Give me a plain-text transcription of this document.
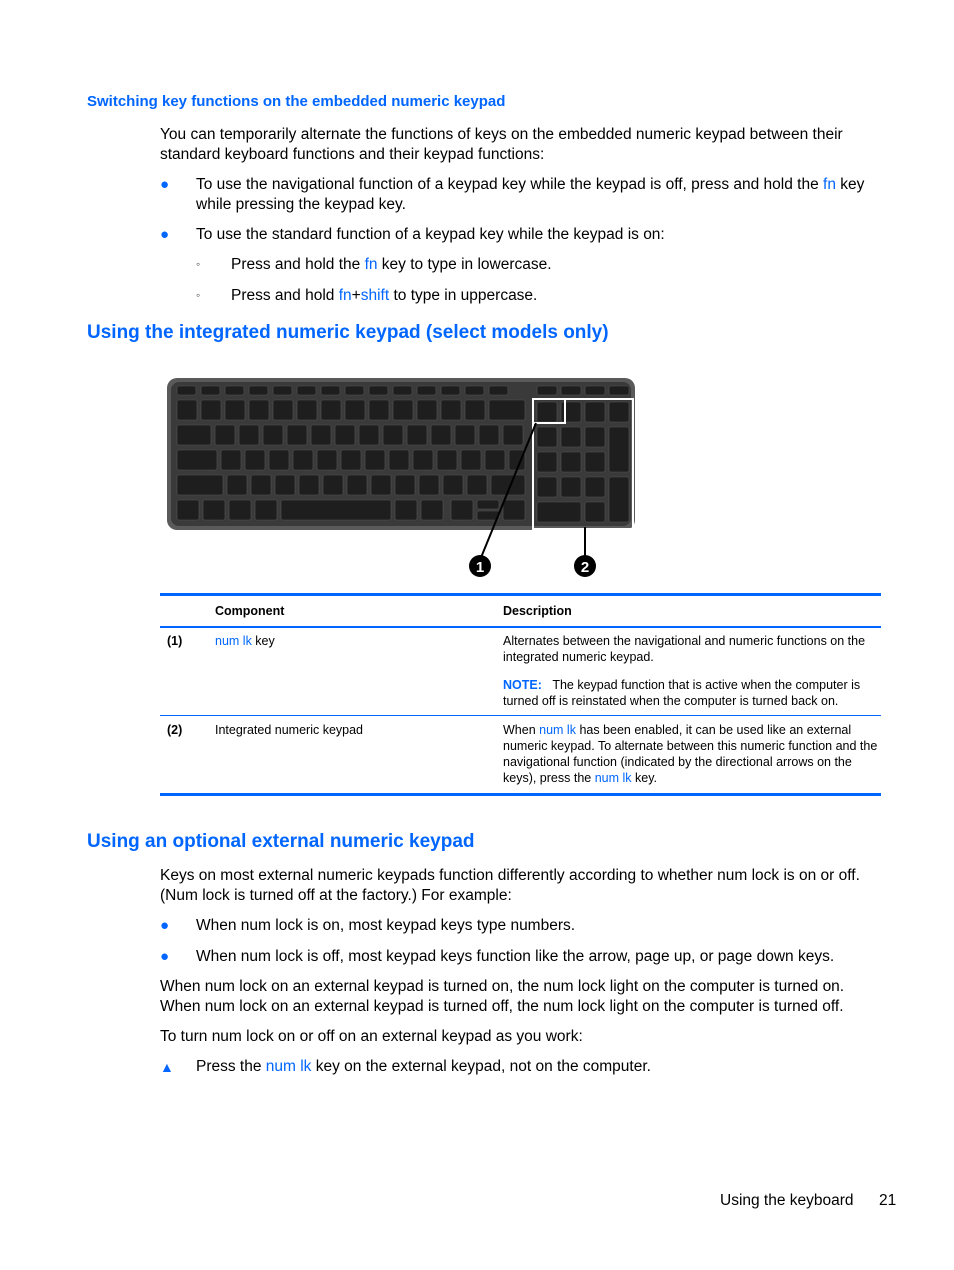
Switching key functions on the embedded numeric keypad
You can temporarily alternate the functions of keys on the embedded numeric keypad between their standard keyboard functions and their keypad functions:
● To use the navigational function of a keypad key while the keypad is off, press and hold the fn key while pressing the keypad key.
● To use the standard function of a keypad key while the keypad is on:
◦ Press and hold the fn key to type in lowercase.
◦ Press and hold fn+shift to type in uppercase.
Using the integrated numeric keypad (select models only)
1	2
Component	Description
(1)	num lk key	Alternates between the navigational and numeric functions on the integrated numeric keypad.
NOTE: The keypad function that is active when the computer is turned off is reinstated when the computer is turned back on.
(2)	Integrated numeric keypad	When num lk has been enabled, it can be used like an external numeric keypad. To alternate between this numeric function and the navigational function (indicated by the directional arrows on the keys), press the num lk key.
Using an optional external numeric keypad
Keys on most external numeric keypads function differently according to whether num lock is on or off. (Num lock is turned off at the factory.) For example:
● When num lock is on, most keypad keys type numbers.
● When num lock is off, most keypad keys function like the arrow, page up, or page down keys.
When num lock on an external keypad is turned on, the num lock light on the computer is turned on. When num lock on an external keypad is turned off, the num lock light on the computer is turned off.
To turn num lock on or off on an external keypad as you work:
▲ Press the num lk key on the external keypad, not on the computer.
Using the keyboard 21
